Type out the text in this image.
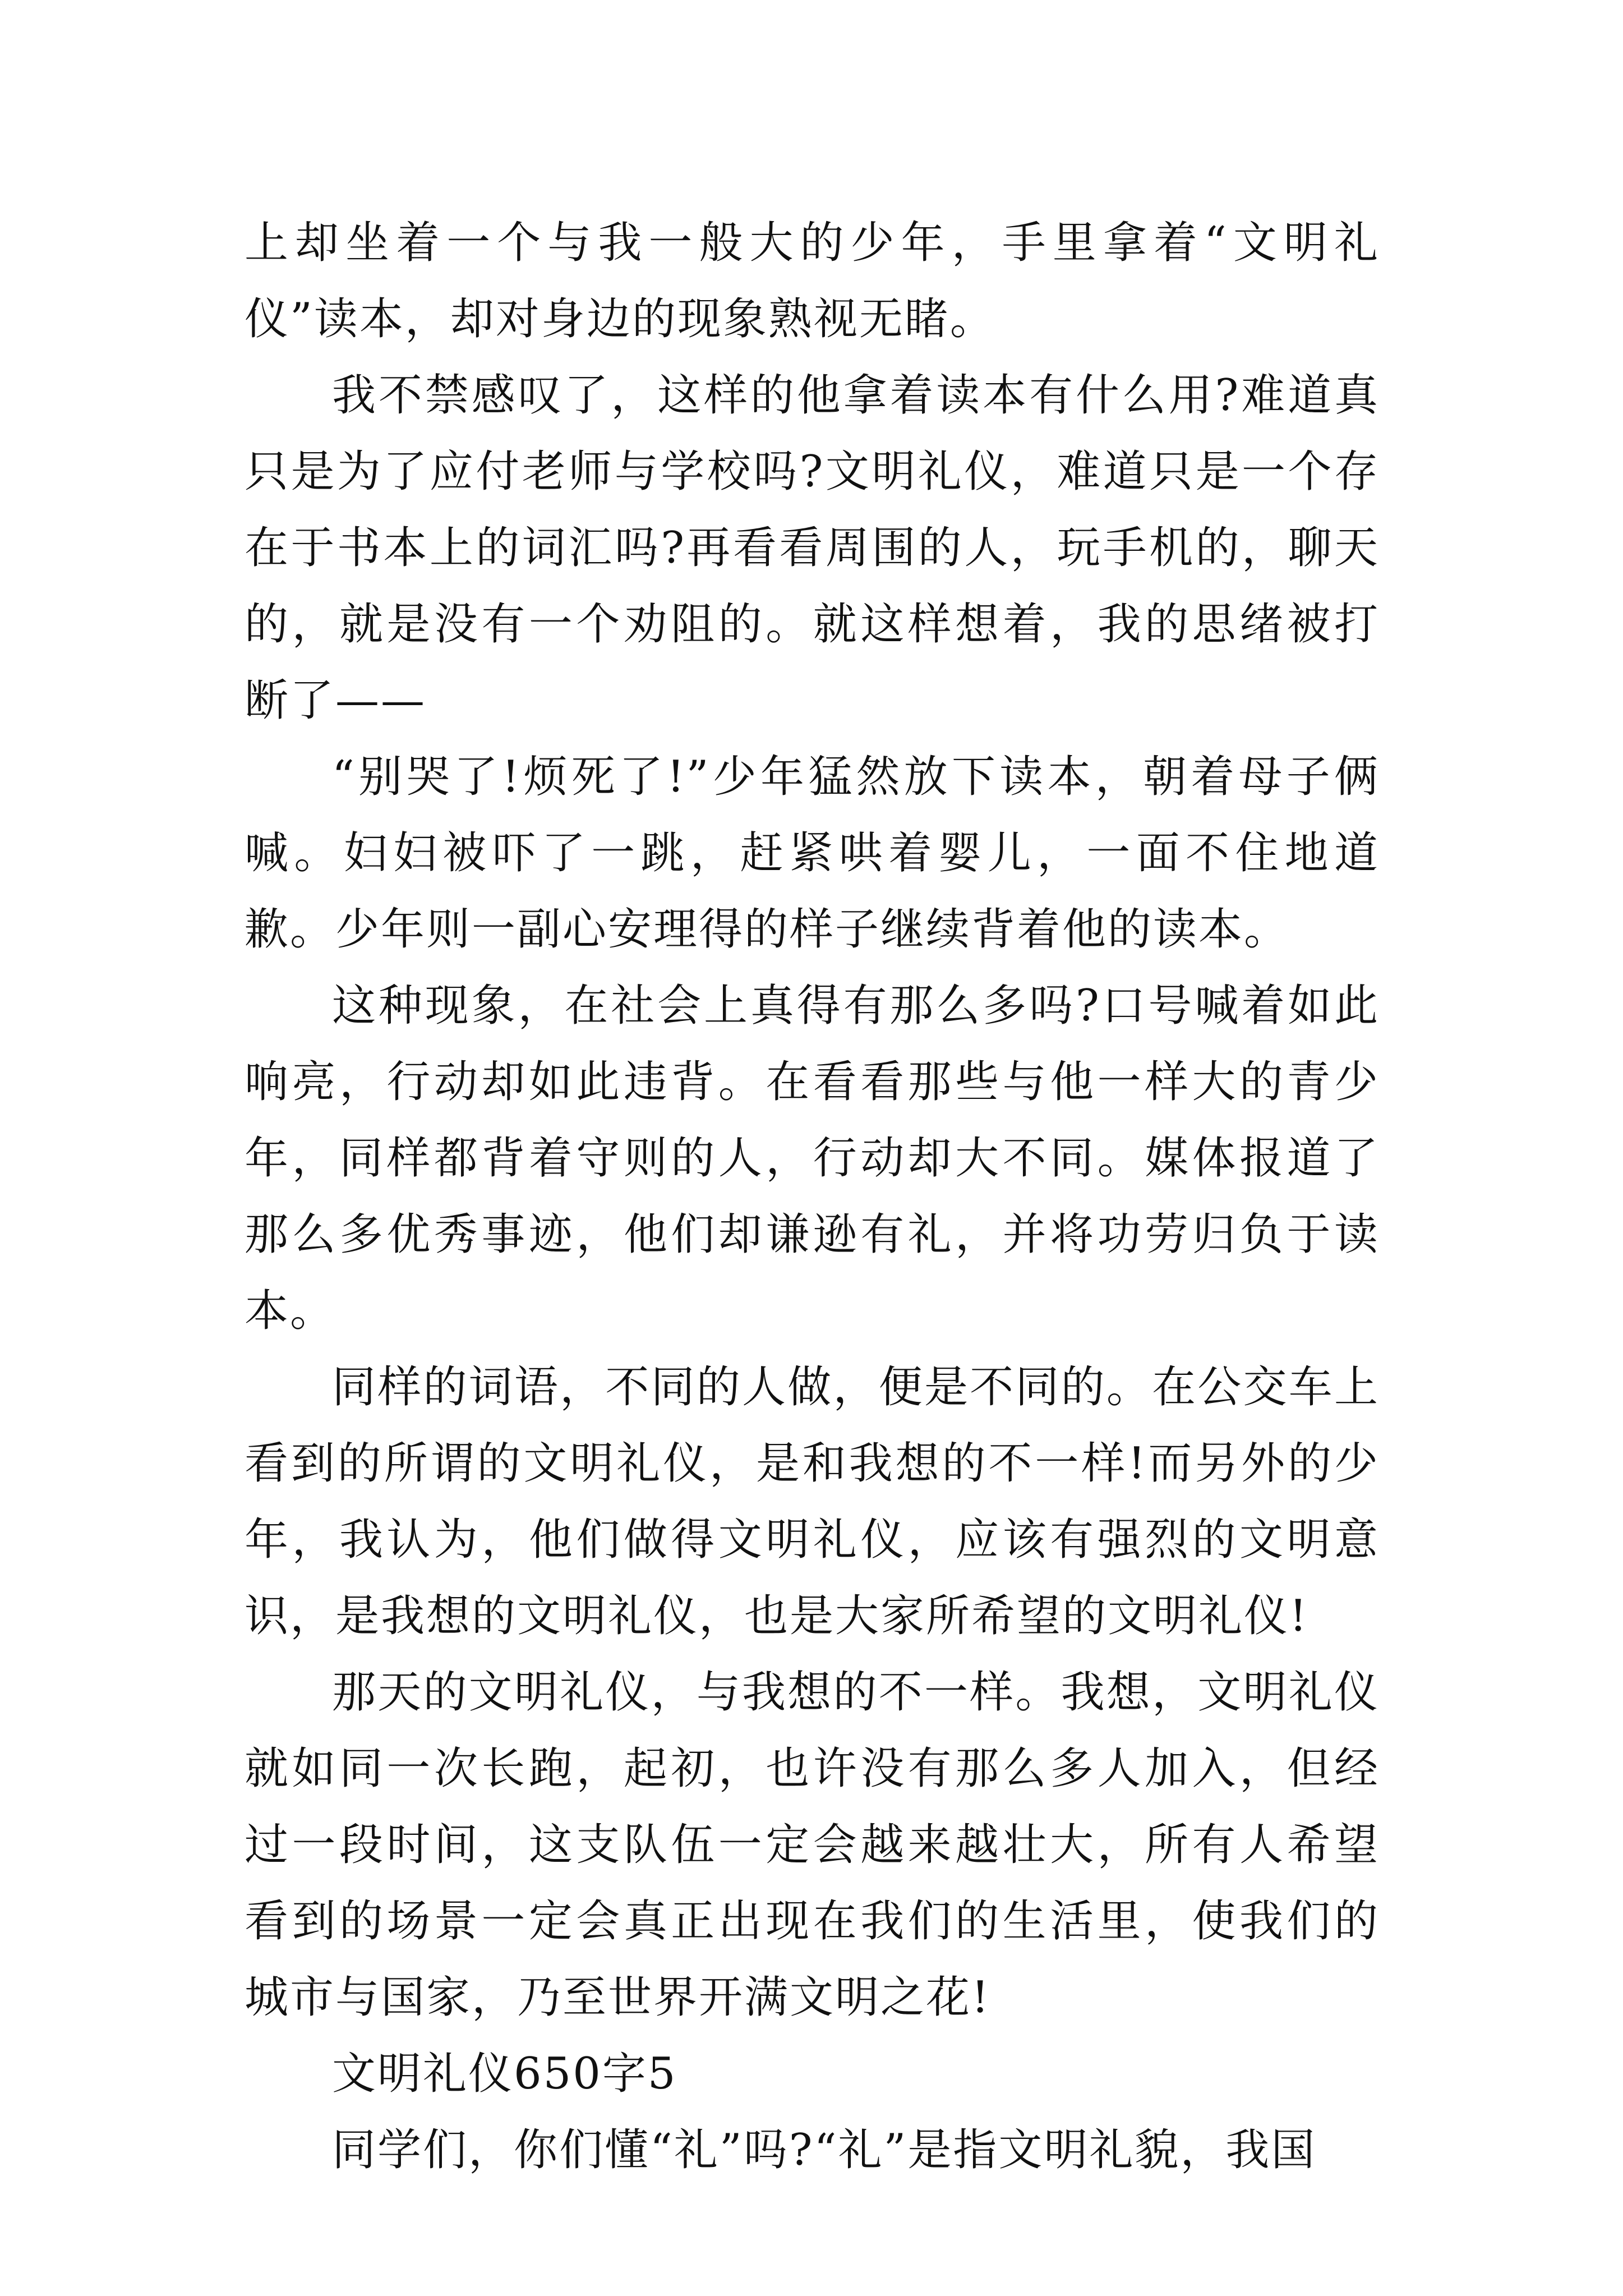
上却坐着一个与我一般大的少年，手里拿着“文明礼仪”读本，却对身边的现象熟视无睹。

我不禁感叹了，这样的他拿着读本有什么用?难道真只是为了应付老师与学校吗?文明礼仪，难道只是一个存在于书本上的词汇吗?再看看周围的人，玩手机的，聊天的，就是没有一个劝阻的。就这样想着，我的思绪被打断了——

“别哭了!烦死了!”少年猛然放下读本，朝着母子俩喊。妇妇被吓了一跳，赶紧哄着婴儿，一面不住地道歉。少年则一副心安理得的样子继续背着他的读本。

这种现象，在社会上真得有那么多吗?口号喊着如此响亮，行动却如此违背。在看看那些与他一样大的青少年，同样都背着守则的人，行动却大不同。媒体报道了那么多优秀事迹，他们却谦逊有礼，并将功劳归负于读本。

同样的词语，不同的人做，便是不同的。在公交车上看到的所谓的文明礼仪，是和我想的不一样!而另外的少年，我认为，他们做得文明礼仪，应该有强烈的文明意识，是我想的文明礼仪，也是大家所希望的文明礼仪!

那天的文明礼仪，与我想的不一样。我想，文明礼仪就如同一次长跑，起初，也许没有那么多人加入，但经过一段时间，这支队伍一定会越来越壮大，所有人希望看到的场景一定会真正出现在我们的生活里，使我们的城市与国家，乃至世界开满文明之花!

文明礼仪650字5

同学们，你们懂“礼”吗?“礼”是指文明礼貌，我国
